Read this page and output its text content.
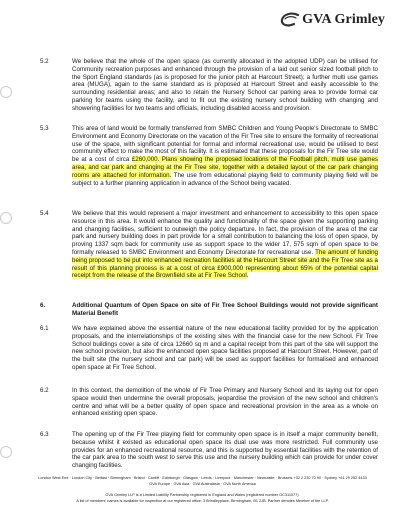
GVA Grimley
5.2	We believe that the whole of the open space (as currently allocated in the adopted UDP) can be utilised for Community recreation purposes and enhanced through the provision of a laid out senior sized football pitch to the Sport England standards (as is proposed for the junior pitch at Harcourt Street); a further multi use games area (MUGA), again to the same standard as is proposed at Harcourt Street and easily accessible to the surrounding residential areas; and also to retain the Nursery School car parking area to provide formal car parking for teams using the facility, and to fit out the existing nursery school building with changing and showering facilities for two teams and officials, including disabled access and provision.
5.3	This area of land would be formally transferred from SMBC Children and Young People's Directorate to SMBC Environment and Economy Directorate on the vacation of the Fir Tree site to ensure the formality of recreational use of the space, with significant potential for formal and informal recreational use, would be utilised to best community effect to make the most of this facility. It is estimated that these proposals for the Fir Tree site would be at a cost of circa £260,000. Plans showing the proposed locations of the Football pitch, multi use games area, and car park and changing at the Fir Tree site, together with a detailed layout of the car park changing rooms are attached for information. The use from educational playing field to community playing field will be subject to a further planning application in advance of the School being vacated.
5.4	We believe that this would represent a major investment and enhancement to accessibility to this open space resource in this area. It would enhance the quality and functionality of the space given the supporting parking and changing facilities, sufficient to outweigh the policy departure. In fact, the provision of the area of the car park and nursery building does in part provide for a small contribution to balancing the loss of open space, by proving 1337 sqm back for community use as support space to the wider 17, 575 sqm of open space to be formally released to SMBC Environment and Economy Directorate for recreational use. The amount of funding being proposed to be put into enhanced recreation facilities at the Harcourt Street site and the Fir Tree site as a result of this planning process is at a cost of circa £900,000 representing about 65% of the potential capital receipt from the release of the Brownfield site at Fir Tree School.
6.	Additional Quantum of Open Space on site of Fir Tree School Buildings would not provide significant Material Benefit
6.1	We have explained above the essential nature of the new educational facility provided for by the application proposals, and the interrelationships of the existing sites with the financial case for the new School. Fir Tree School buildings cover a site of circa 12660 sq m and a capital receipt from this part of the site will support the new school provision, but also the enhanced open space facilities proposed at Harcourt Street. However, part of the built site (the nursery school and car park) will be used as support facilities for formalised and enhanced open space at Fir Tree School.
6.2	In this context, the demolition of the whole of Fir Tree Primary and Nursery School and its laying out for open space would then undermine the overall proposals, jeopardise the provision of the new school and children's centre and what will be a better quality of open space and recreational provision in the area as a whole on enhanced existing open space.
6.3	The opening up of the Fir Tree playing field for community open space is in itself a major community benefit, because whilst it existed as educational open space its dual use was more restricted. Full community use provides for an enhanced recreational resource, and this is supported by essential facilities with the retention of the car park area to the south west to serve this use and the nursery building which can provide for under cover changing facilities.
London West End · London City · Belfast · Birmingham · Bristol · Cardiff · Edinburgh · Glasgow · Leeds · Liverpool · Manchester · Newcastle · Brussels +32 2 230 70 90 · Sydney +61 29 252 4433
GVA Europe · GVA Asia · GVA Australasia · GVA North America
GVA Grimley LLP is a Limited Liability Partnership registered in England and Wales (registered number OC311077).
A list of members' names is available for inspection at our registered office: 3 Brindleyplace, Birmingham, B1 2JB. Partner denotes Member of the LLP.
